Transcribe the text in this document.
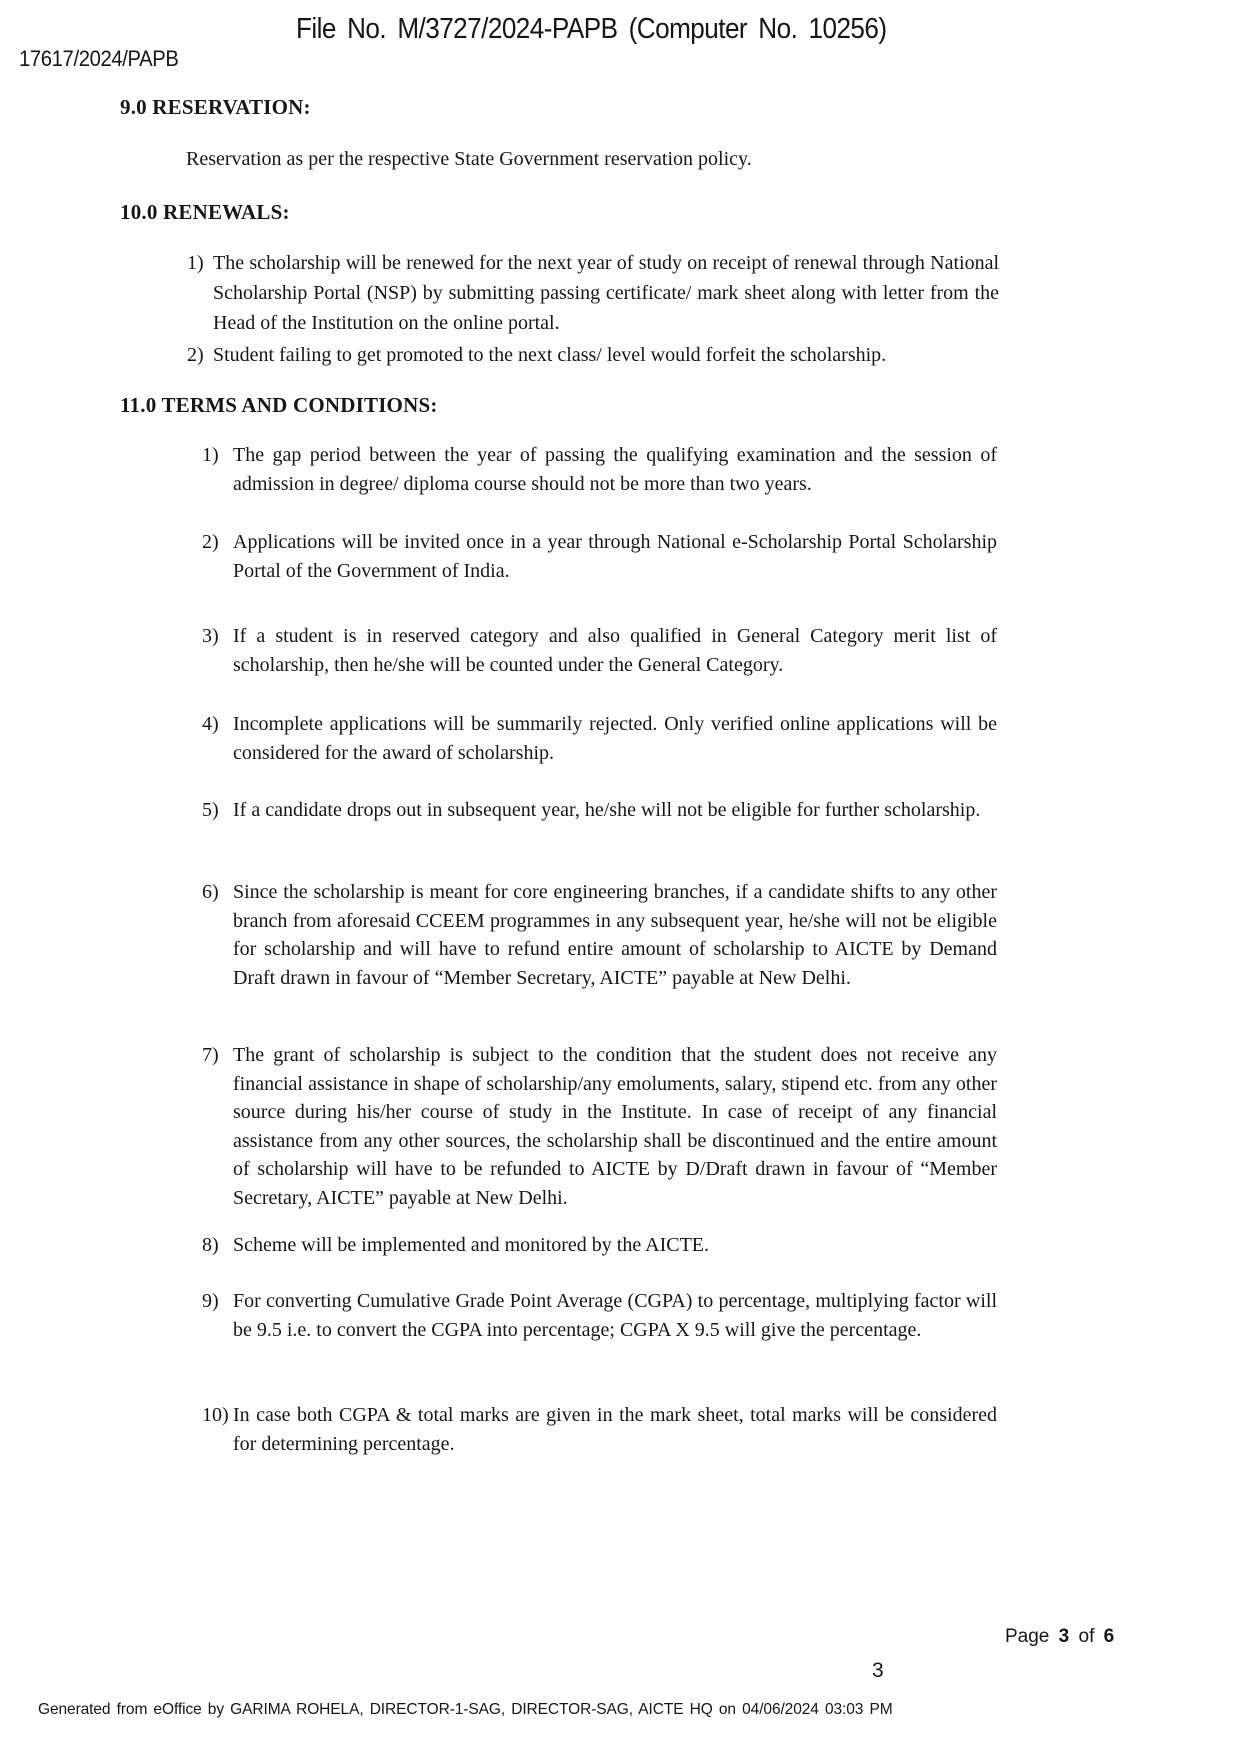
File No. M/3727/2024-PAPB (Computer No. 10256)
17617/2024/PAPB
9.0 RESERVATION:
Reservation as per the respective State Government reservation policy.
10.0 RENEWALS:
1) The scholarship will be renewed for the next year of study on receipt of renewal through National Scholarship Portal (NSP) by submitting passing certificate/ mark sheet along with letter from the Head of the Institution on the online portal.
2) Student failing to get promoted to the next class/ level would forfeit the scholarship.
11.0 TERMS AND CONDITIONS:
1) The gap period between the year of passing the qualifying examination and the session of admission in degree/ diploma course should not be more than two years.
2) Applications will be invited once in a year through National e-Scholarship Portal Scholarship Portal of the Government of India.
3) If a student is in reserved category and also qualified in General Category merit list of scholarship, then he/she will be counted under the General Category.
4) Incomplete applications will be summarily rejected. Only verified online applications will be considered for the award of scholarship.
5) If a candidate drops out in subsequent year, he/she will not be eligible for further scholarship.
6) Since the scholarship is meant for core engineering branches, if a candidate shifts to any other branch from aforesaid CCEEM programmes in any subsequent year, he/she will not be eligible for scholarship and will have to refund entire amount of scholarship to AICTE by Demand Draft drawn in favour of “Member Secretary, AICTE” payable at New Delhi.
7) The grant of scholarship is subject to the condition that the student does not receive any financial assistance in shape of scholarship/any emoluments, salary, stipend etc. from any other source during his/her course of study in the Institute. In case of receipt of any financial assistance from any other sources, the scholarship shall be discontinued and the entire amount of scholarship will have to be refunded to AICTE by D/Draft drawn in favour of “Member Secretary, AICTE” payable at New Delhi.
8) Scheme will be implemented and monitored by the AICTE.
9) For converting Cumulative Grade Point Average (CGPA) to percentage, multiplying factor will be 9.5 i.e. to convert the CGPA into percentage; CGPA X 9.5 will give the percentage.
10) In case both CGPA & total marks are given in the mark sheet, total marks will be considered for determining percentage.
Page 3 of 6
3
Generated from eOffice by GARIMA ROHELA, DIRECTOR-1-SAG, DIRECTOR-SAG, AICTE HQ on 04/06/2024 03:03 PM
